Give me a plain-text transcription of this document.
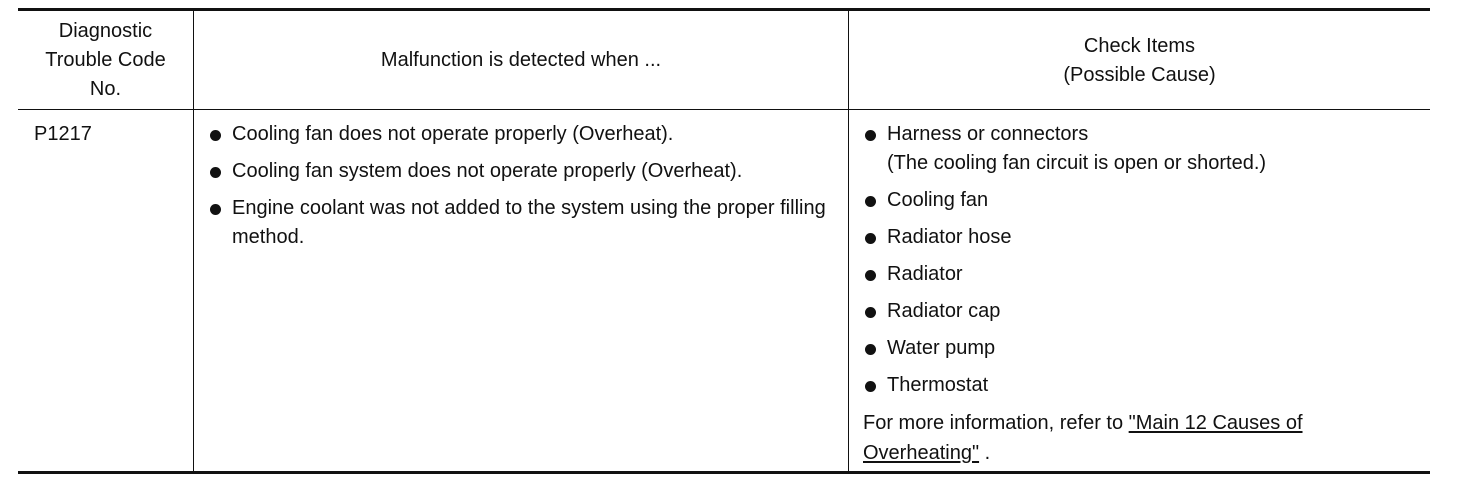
Diagnostic
Trouble Code
No.
Malfunction is detected when ...
Check Items
(Possible Cause)
P1217	Cooling fan does not operate properly (Overheat).
Cooling fan system does not operate properly (Overheat).
Engine coolant was not added to the system using the proper filling method.
Harness or connectors
(The cooling fan circuit is open or shorted.)
Cooling fan
Radiator hose
Radiator
Radiator cap
Water pump
Thermostat
For more information, refer to "Main 12 Causes of Overheating" .
